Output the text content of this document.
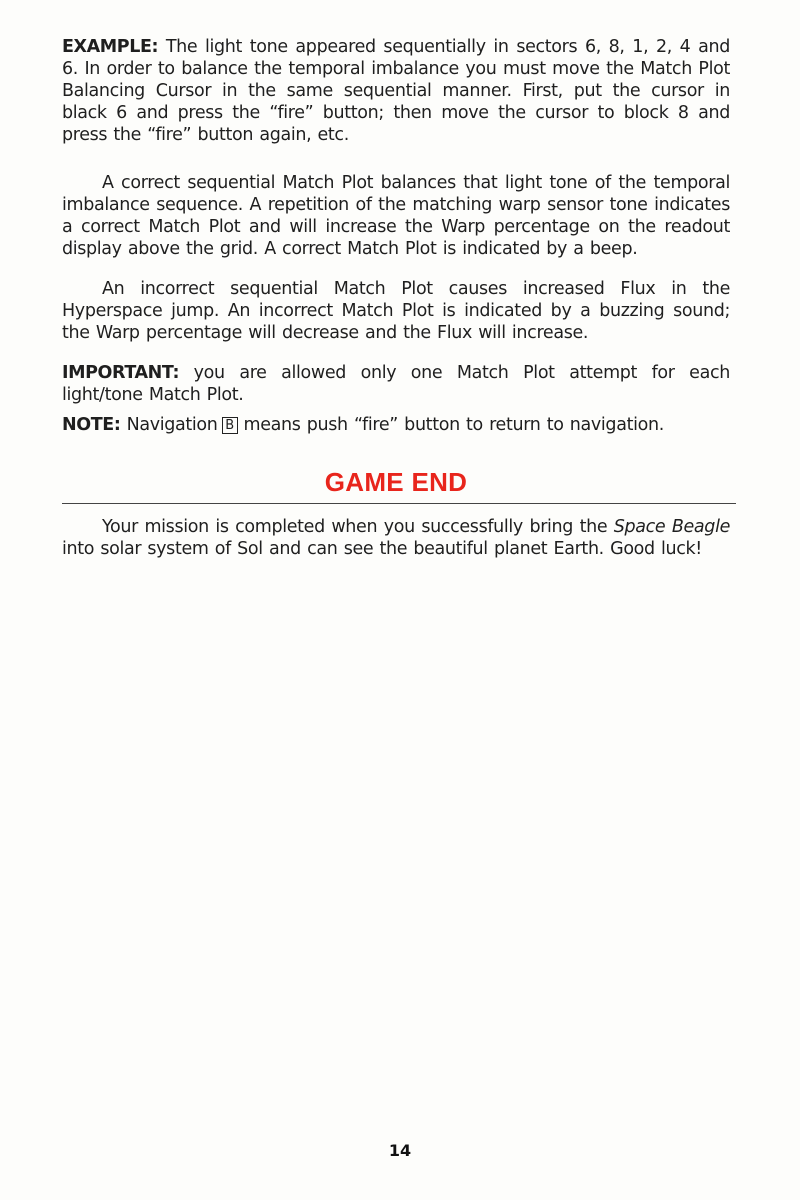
EXAMPLE: The light tone appeared sequentially in sectors 6, 8, 1, 2, 4 and 6. In order to balance the temporal imbalance you must move the Match Plot Balancing Cursor in the same sequential manner. First, put the cursor in black 6 and press the “fire” button; then move the cursor to block 8 and press the “fire” button again, etc.

A correct sequential Match Plot balances that light tone of the temporal imbalance sequence. A repetition of the matching warp sensor tone indicates a correct Match Plot and will increase the Warp percentage on the readout display above the grid. A correct Match Plot is indicated by a beep.

An incorrect sequential Match Plot causes increased Flux in the Hyperspace jump. An incorrect Match Plot is indicated by a buzzing sound; the Warp percentage will decrease and the Flux will increase.

IMPORTANT: you are allowed only one Match Plot attempt for each light/tone Match Plot.

NOTE: Navigation B means push “fire” button to return to navigation.

GAME END

Your mission is completed when you successfully bring the Space Beagle into solar system of Sol and can see the beautiful planet Earth. Good luck!

14
